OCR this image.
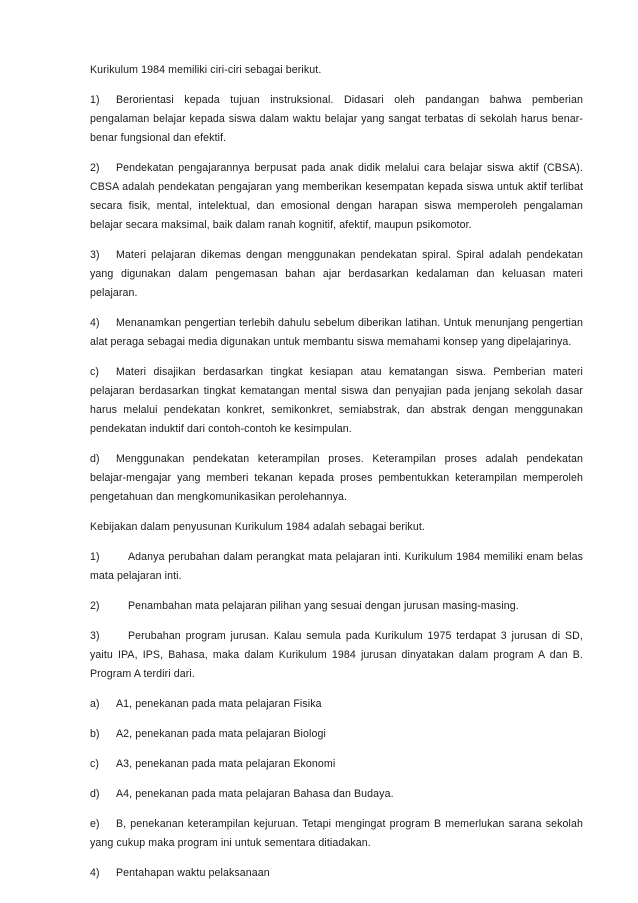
Kurikulum 1984 memiliki ciri-ciri sebagai berikut.

1) Berorientasi kepada tujuan instruksional. Didasari oleh pandangan bahwa pemberian pengalaman belajar kepada siswa dalam waktu belajar yang sangat terbatas di sekolah harus benar-benar fungsional dan efektif.

2) Pendekatan pengajarannya berpusat pada anak didik melalui cara belajar siswa aktif (CBSA). CBSA adalah pendekatan pengajaran yang memberikan kesempatan kepada siswa untuk aktif terlibat secara fisik, mental, intelektual, dan emosional dengan harapan siswa memperoleh pengalaman belajar secara maksimal, baik dalam ranah kognitif, afektif, maupun psikomotor.

3) Materi pelajaran dikemas dengan menggunakan pendekatan spiral. Spiral adalah pendekatan yang digunakan dalam pengemasan bahan ajar berdasarkan kedalaman dan keluasan materi pelajaran.

4) Menanamkan pengertian terlebih dahulu sebelum diberikan latihan. Untuk menunjang pengertian alat peraga sebagai media digunakan untuk membantu siswa memahami konsep yang dipelajarinya.

c) Materi disajikan berdasarkan tingkat kesiapan atau kematangan siswa. Pemberian materi pelajaran berdasarkan tingkat kematangan mental siswa dan penyajian pada jenjang sekolah dasar harus melalui pendekatan konkret, semikonkret, semiabstrak, dan abstrak dengan menggunakan pendekatan induktif dari contoh-contoh ke kesimpulan.

d) Menggunakan pendekatan keterampilan proses. Keterampilan proses adalah pendekatan belajar-mengajar yang memberi tekanan kepada proses pembentukkan keterampilan memperoleh pengetahuan dan mengkomunikasikan perolehannya.

Kebijakan dalam penyusunan Kurikulum 1984 adalah sebagai berikut.

1)	Adanya perubahan dalam perangkat mata pelajaran inti. Kurikulum 1984 memiliki enam belas mata pelajaran inti.

2)	Penambahan mata pelajaran pilihan yang sesuai dengan jurusan masing-masing.

3)	Perubahan program jurusan. Kalau semula pada Kurikulum 1975 terdapat 3 jurusan di SD, yaitu IPA, IPS, Bahasa, maka dalam Kurikulum 1984 jurusan dinyatakan dalam program A dan B. Program A terdiri dari.

a) A1, penekanan pada mata pelajaran Fisika

b) A2, penekanan pada mata pelajaran Biologi

c) A3, penekanan pada mata pelajaran Ekonomi

d) A4, penekanan pada mata pelajaran Bahasa dan Budaya.

e) B, penekanan keterampilan kejuruan. Tetapi mengingat program B memerlukan sarana sekolah yang cukup maka program ini untuk sementara ditiadakan.

4) Pentahapan waktu pelaksanaan
